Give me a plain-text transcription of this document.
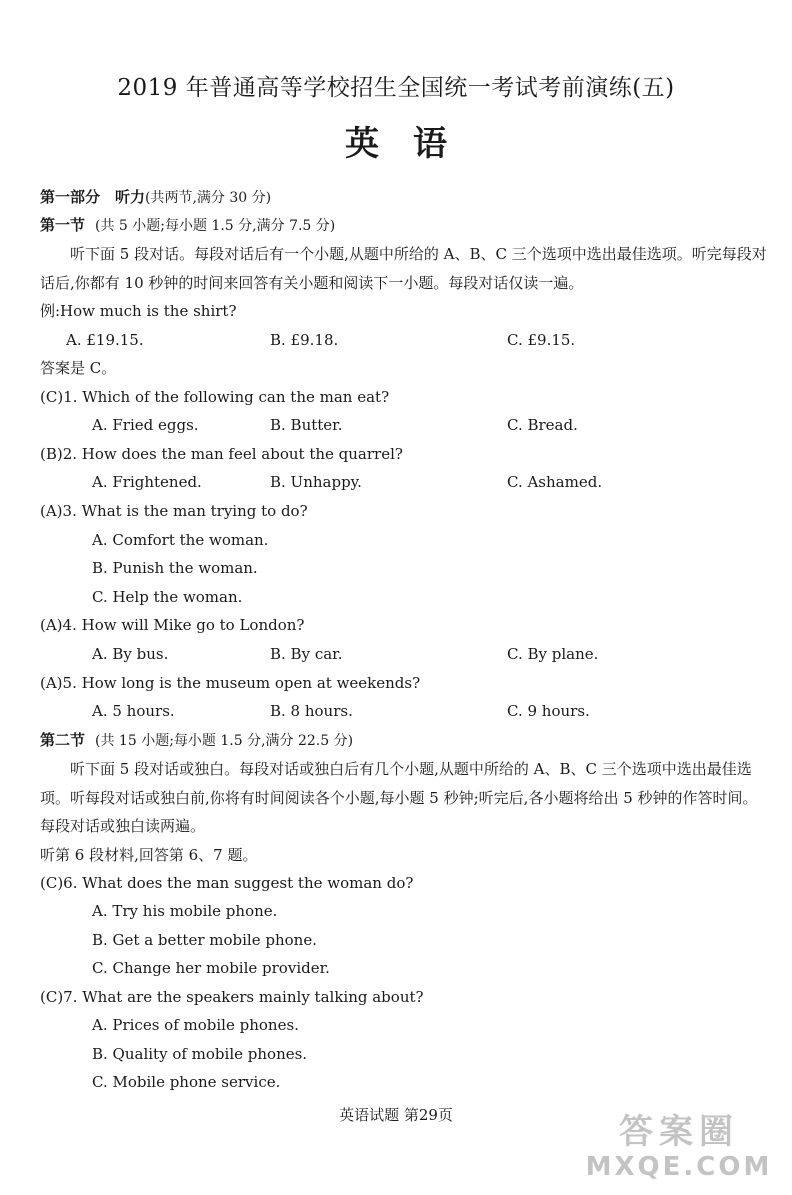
2019 年普通高等学校招生全国统一考试考前演练(五)
英　语
第一部分　听力(共两节,满分 30 分)
第一节 (共 5 小题;每小题 1.5 分,满分 7.5 分)
听下面 5 段对话。每段对话后有一个小题,从题中所给的 A、B、C 三个选项中选出最佳选项。听完每段对话后,你都有 10 秒钟的时间来回答有关小题和阅读下一小题。每段对话仅读一遍。
例:How much is the shirt?
A. £19.15.	B. £9.18.	C. £9.15.
答案是 C。
(C)1. Which of the following can the man eat?
A. Fried eggs.	B. Butter.	C. Bread.
(B)2. How does the man feel about the quarrel?
A. Frightened.	B. Unhappy.	C. Ashamed.
(A)3. What is the man trying to do?
A. Comfort the woman.
B. Punish the woman.
C. Help the woman.
(A)4. How will Mike go to London?
A. By bus.	B. By car.	C. By plane.
(A)5. How long is the museum open at weekends?
A. 5 hours.	B. 8 hours.	C. 9 hours.
第二节 (共 15 小题;每小题 1.5 分,满分 22.5 分)
听下面 5 段对话或独白。每段对话或独白后有几个小题,从题中所给的 A、B、C 三个选项中选出最佳选项。听每段对话或独白前,你将有时间阅读各个小题,每小题 5 秒钟;听完后,各小题将给出 5 秒钟的作答时间。每段对话或独白读两遍。
听第 6 段材料,回答第 6、7 题。
(C)6. What does the man suggest the woman do?
A. Try his mobile phone.
B. Get a better mobile phone.
C. Change her mobile provider.
(C)7. What are the speakers mainly talking about?
A. Prices of mobile phones.
B. Quality of mobile phones.
C. Mobile phone service.
英语试题 第29页	答案圈
MXQE.COM
